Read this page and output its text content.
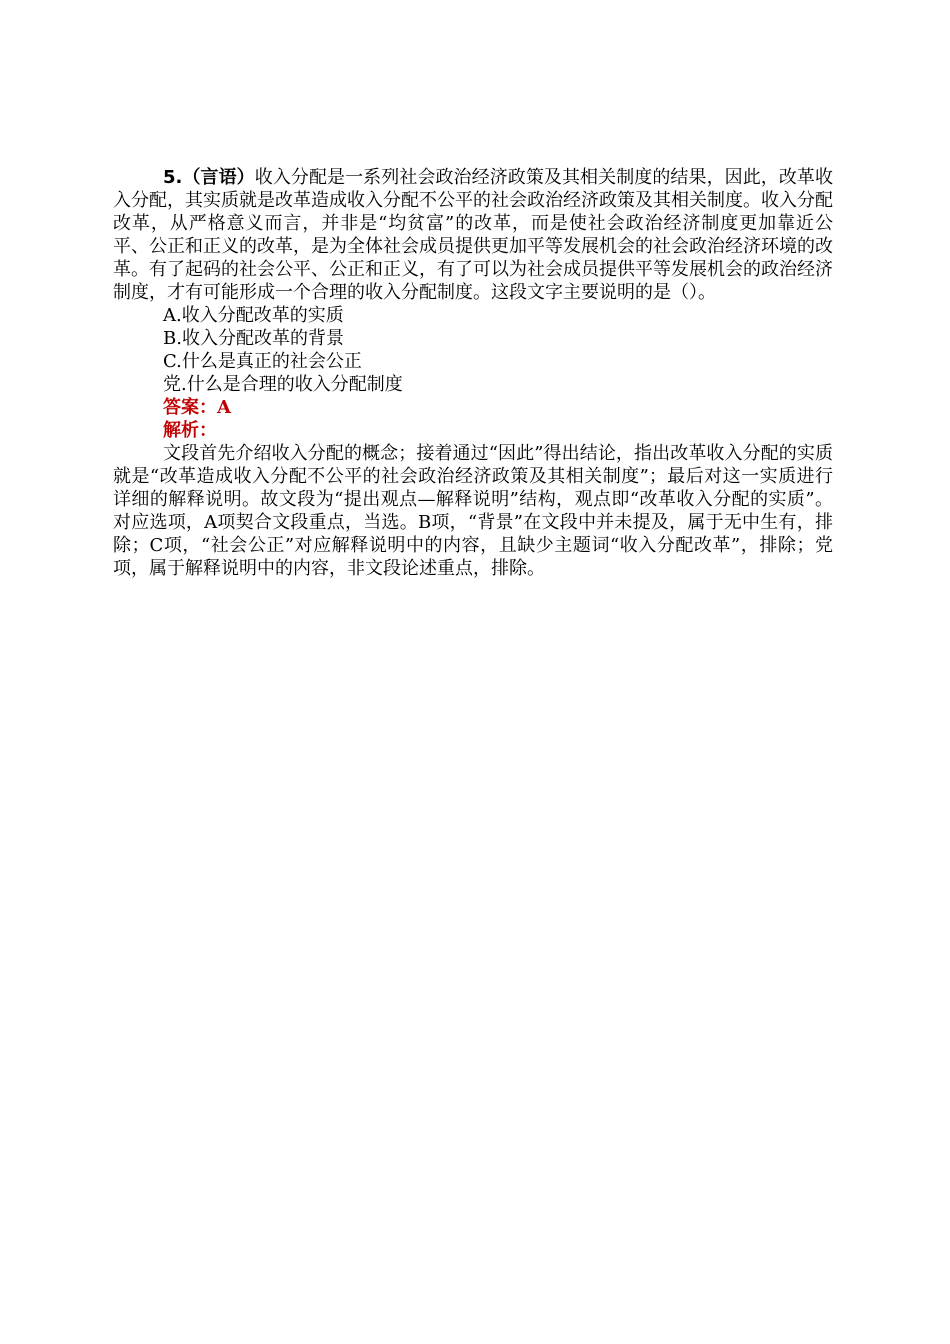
5.（言语）收入分配是一系列社会政治经济政策及其相关制度的结果，因此，改革收入分配，其实质就是改革造成收入分配不公平的社会政治经济政策及其相关制度。收入分配改革，从严格意义而言，并非是“均贫富”的改革，而是使社会政治经济制度更加靠近公平、公正和正义的改革，是为全体社会成员提供更加平等发展机会的社会政治经济环境的改革。有了起码的社会公平、公正和正义，有了可以为社会成员提供平等发展机会的政治经济制度，才有可能形成一个合理的收入分配制度。这段文字主要说明的是（）。

A.收入分配改革的实质

B.收入分配改革的背景

C.什么是真正的社会公正

党.什么是合理的收入分配制度

答案：A

解析：

文段首先介绍收入分配的概念；接着通过“因此”得出结论，指出改革收入分配的实质就是“改革造成收入分配不公平的社会政治经济政策及其相关制度”；最后对这一实质进行详细的解释说明。故文段为“提出观点—解释说明”结构，观点即“改革收入分配的实质”。对应选项，A项契合文段重点，当选。B项，“背景”在文段中并未提及，属于无中生有，排除；C项，“社会公正”对应解释说明中的内容，且缺少主题词“收入分配改革”，排除；党项，属于解释说明中的内容，非文段论述重点，排除。
